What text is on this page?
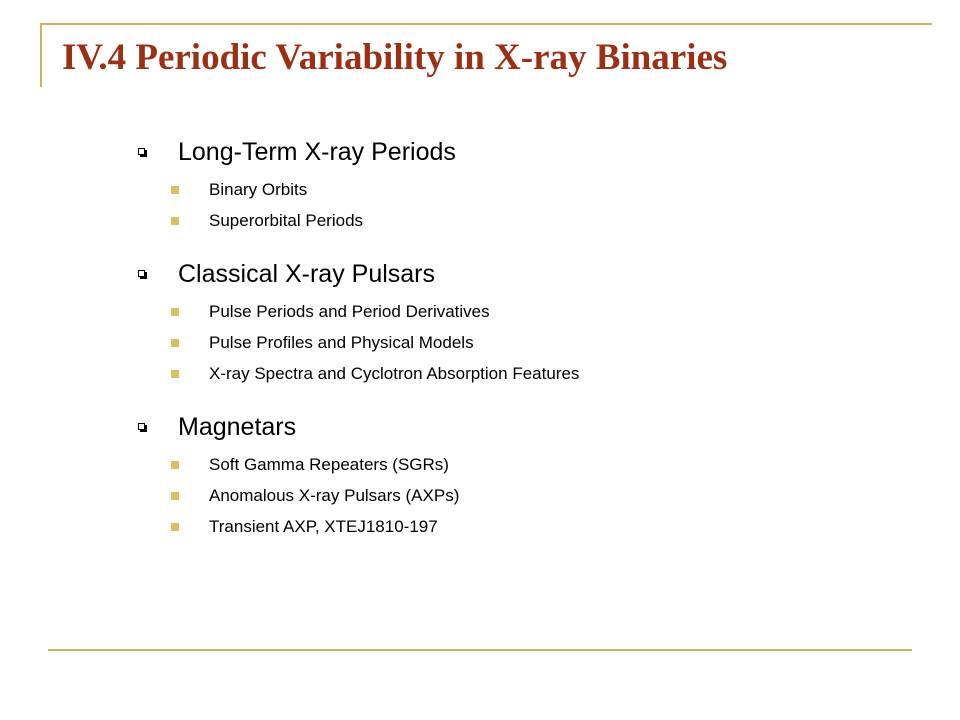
IV.4 Periodic Variability in X-ray Binaries
Long-Term X-ray Periods
Binary Orbits
Superorbital Periods
Classical X-ray Pulsars
Pulse Periods and Period Derivatives
Pulse Profiles and Physical Models
X-ray Spectra and Cyclotron Absorption Features
Magnetars
Soft Gamma Repeaters (SGRs)
Anomalous X-ray Pulsars (AXPs)
Transient AXP, XTEJ1810-197
